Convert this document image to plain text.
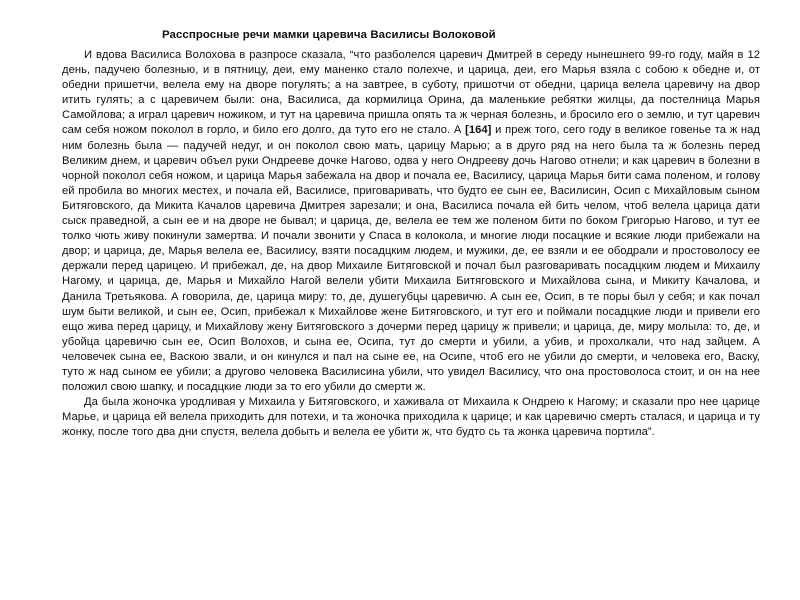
Расспросные речи мамки царевича Василисы Волоковой

И вдова Василиса Волохова в разпросе сказала, “что разболелся царевич Дмитрей в середу нынешнего 99-го году, майя в 12 день, падучею болезнью, и в пятницу, деи, ему маненко стало полехче, и царица, деи, его Марья взяла с собою к обедне и, от обедни пришетчи, велела ему на дворе погулять; а на завтрее, в суботу, пришотчи от обедни, царица велела царевичу на двор итить гулять; а с царевичем были: она, Василиса, да кормилица Орина, да маленькие ребятки жилцы, да постелница Марья Самойлова; а играл царевич ножиком, и тут на царевича пришла опять та ж черная болезнь, и бросило его о землю, и тут царевич сам себя ножом поколол в горло, и било его долго, да туто его не стало. А [164] и преж того, сего году в великое говенье та ж над ним болезнь была — падучей недуг, и он поколол свою мать, царицу Марью; а в друго ряд на него была та ж болезнь перед Великим днем, и царевич объел руки Ондрееве дочке Нагово, одва у него Ондрееву дочь Нагово отнели; и как царевич в болезни в чорной поколол себя ножом, и царица Марья забежала на двор и почала ее, Василису, царица Марья бити сама поленом, и голову ей пробила во многих местех, и почала ей, Василисе, приговаривать, что будто ее сын ее, Василисин, Осип с Михайловым сыном Битяговского, да Микита Качалов царевича Дмитрея зарезали; и она, Василиса почала ей бить челом, чтоб велела царица дати сыск праведной, а сын ее и на дворе не бывал; и царица, де, велела ее тем же поленом бити по боком Григорью Нагово, и тут ее толко чють живу покинули замертва. И почали звонити у Спаса в колокола, и многие люди посацкие и всякие люди прибежали на двор; и царица, де, Марья велела ее, Василису, взяти посадцким людем, и мужики, де, ее взяли и ее ободрали и простоволосу ее держали перед царицею. И прибежал, де, на двор Михаиле Битяговской и почал был разговаривать посадцким людем и Михаилу Нагому, и царица, де, Марья и Михайло Нагой велели убити Михаила Битяговского и Михайлова сына, и Микиту Качалова, и Данила Третьякова. А говорила, де, царица миру: то, де, душегубцы царевичю. А сын ее, Осип, в те поры был у себя; и как почал шум быти великой, и сын ее, Осип, прибежал к Михайлове жене Битяговского, и тут его и поймали посадцкие люди и привели его ещо жива перед царицу, и Михайлову жену Битяговского з дочерми перед царицу ж привели; и царица, де, миру молыла: то, де, и убойца царевичю сын ее, Осип Волохов, и сына ее, Осипа, тут до смерти и убили, а убив, и прохолкали, что над зайцем. А человечек сына ее, Васкою звали, и он кинулся и пал на сыне ее, на Осипе, чтоб его не убили до смерти, и человека его, Васку, туто ж над сыном ее убили; а другово человека Василисина убили, что увидел Василису, что она простоволоса стоит, и он на нее положил свою шапку, и посадцкие люди за то его убили до смерти ж.

Да была жоночка уродливая у Михаила у Битяговского, и хаживала от Михаила к Ондрею к Нагому; и сказали про нее царице Марье, и царица ей велела приходить для потехи, и та жоночка приходила к царице; и как царевичю смерть сталася, и царица и ту жонку, после того два дни спустя, велела добыть и велела ее убити ж, что будто сь та жонка царевича портила”.
